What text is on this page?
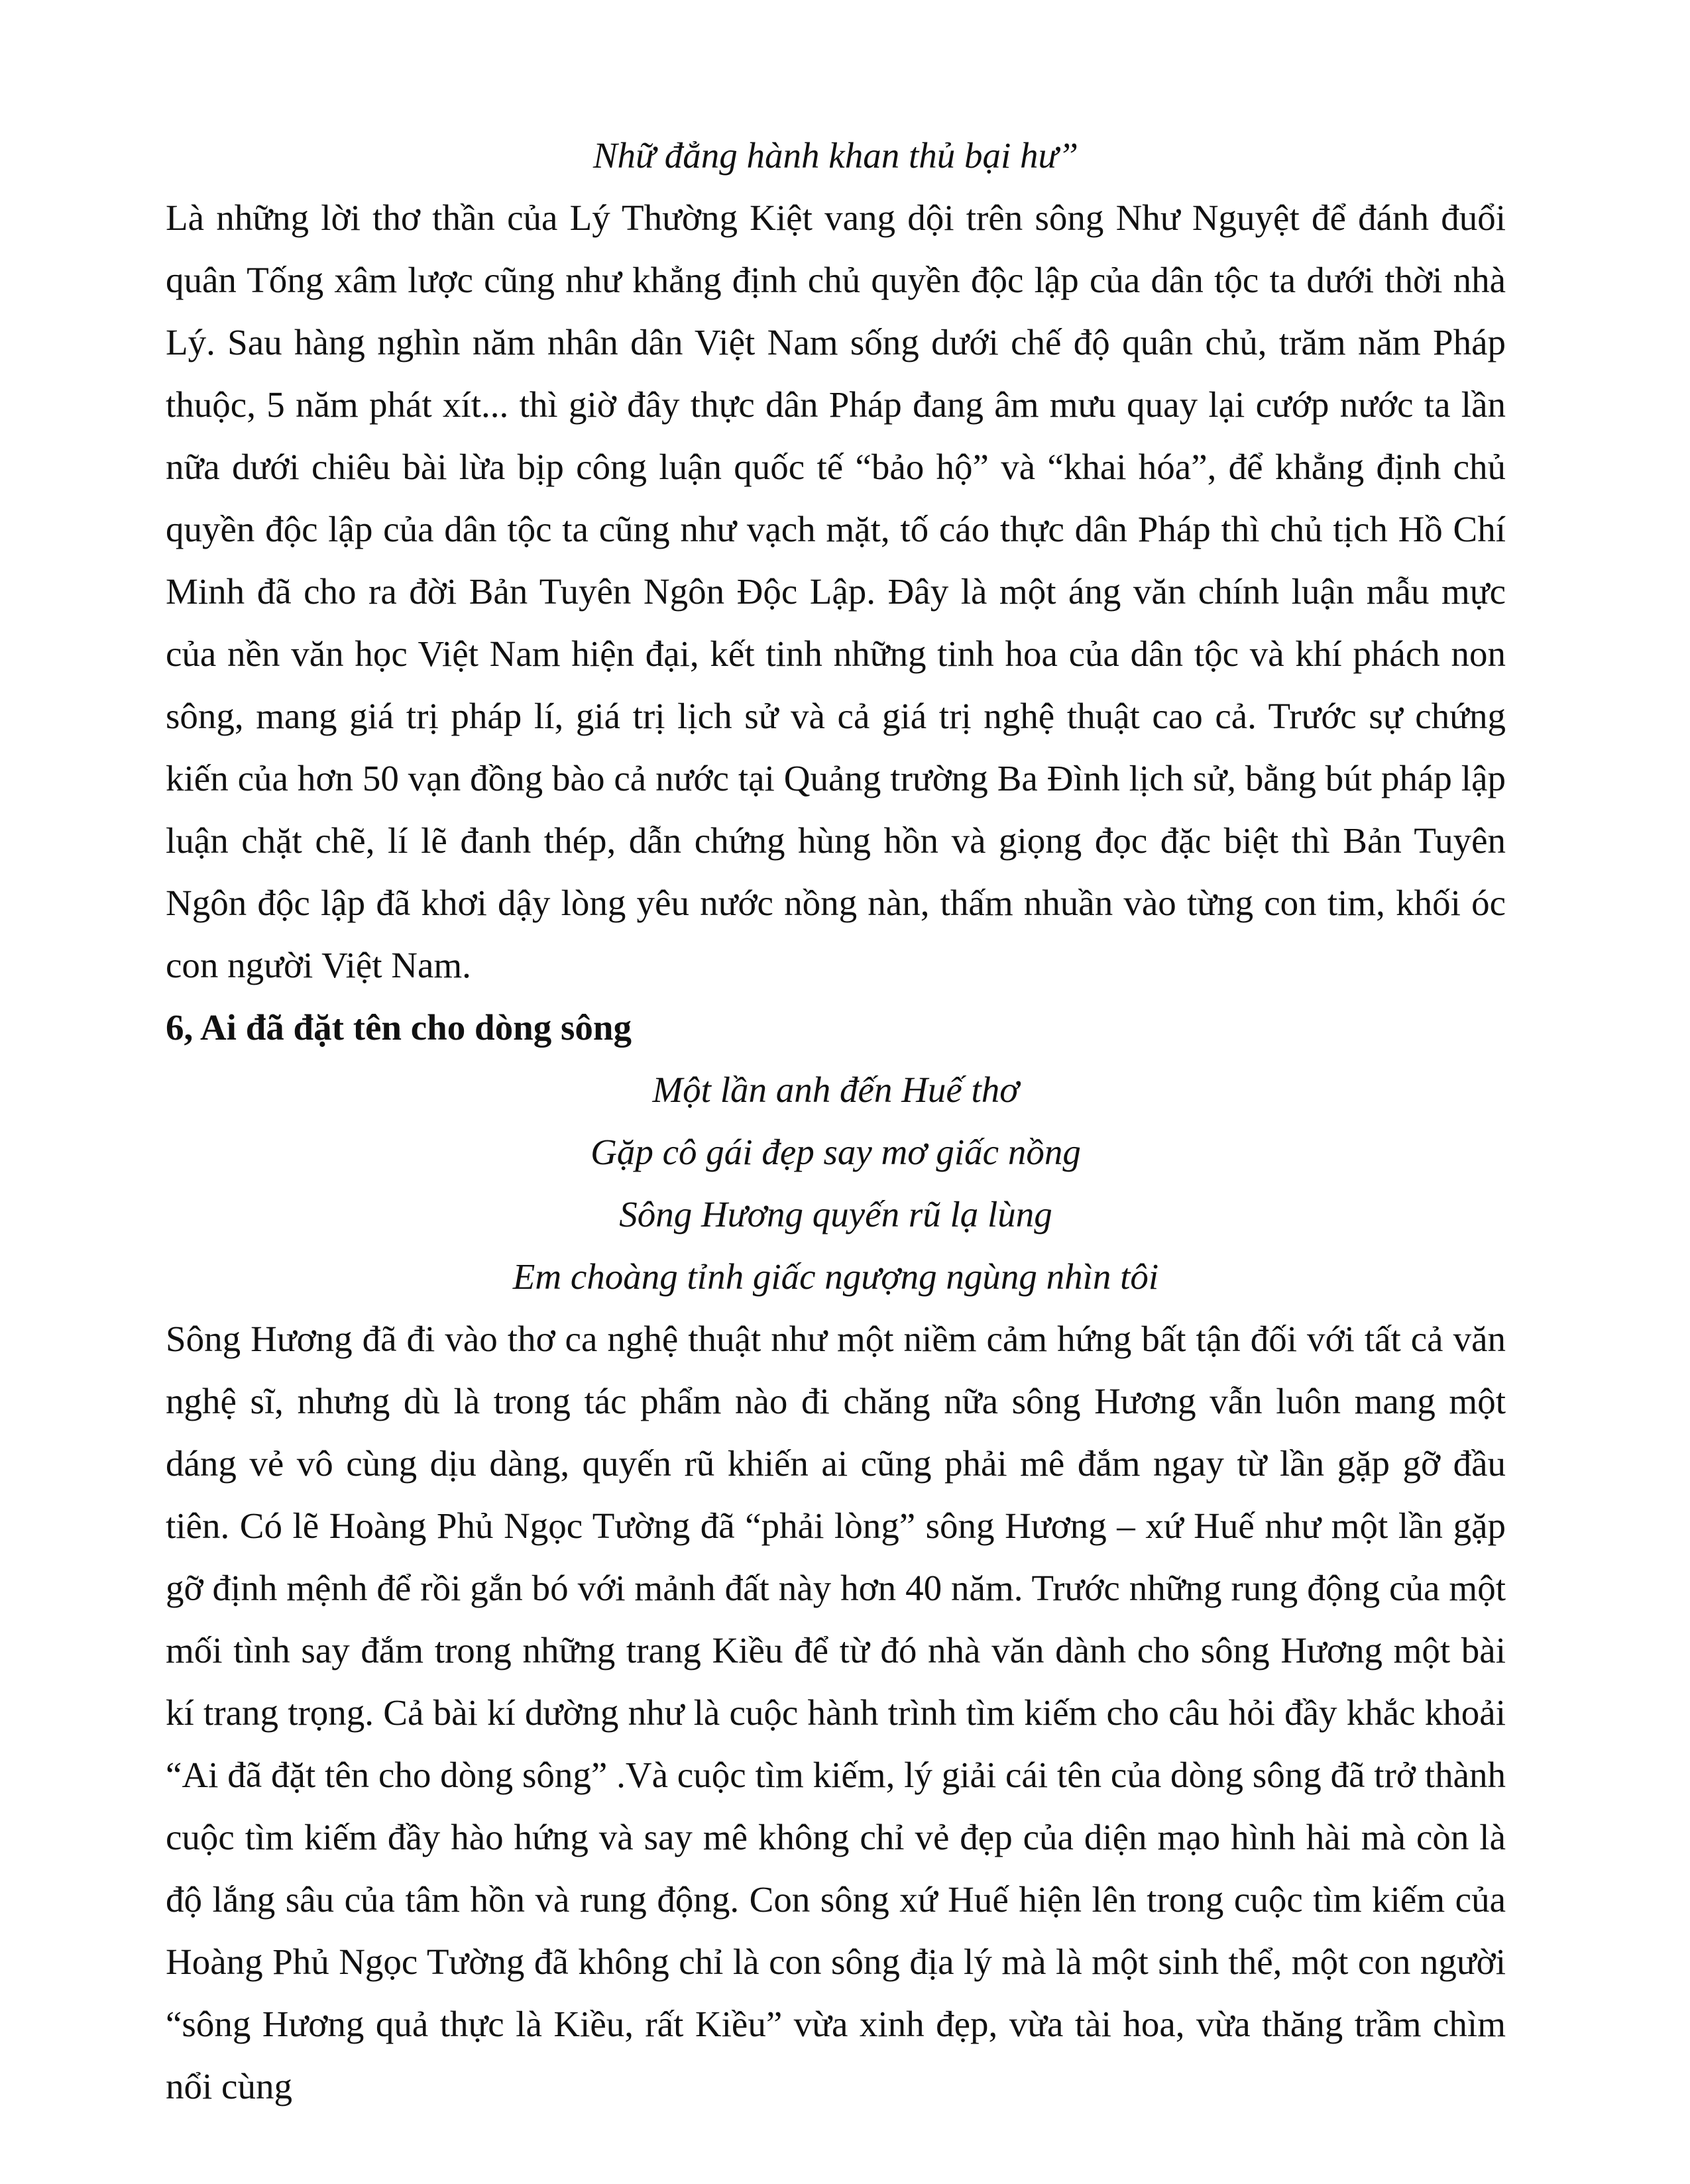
Nhữ đẳng hành khan thủ bại hư”

Là những lời thơ thần của Lý Thường Kiệt vang dội trên sông Như Nguyệt để đánh đuổi quân Tống xâm lược cũng như khẳng định chủ quyền độc lập của dân tộc ta dưới thời nhà Lý. Sau hàng nghìn năm nhân dân Việt Nam sống dưới chế độ quân chủ, trăm năm Pháp thuộc, 5 năm phát xít... thì giờ đây thực dân Pháp đang âm mưu quay lại cướp nước ta lần nữa dưới chiêu bài lừa bịp công luận quốc tế “bảo hộ” và “khai hóa”, để khẳng định chủ quyền độc lập của dân tộc ta cũng như vạch mặt, tố cáo thực dân Pháp thì chủ tịch Hồ Chí Minh đã cho ra đời Bản Tuyên Ngôn Độc Lập. Đây là một áng văn chính luận mẫu mực của nền văn học Việt Nam hiện đại, kết tinh những tinh hoa của dân tộc và khí phách non sông, mang giá trị pháp lí, giá trị lịch sử và cả giá trị nghệ thuật cao cả. Trước sự chứng kiến của hơn 50 vạn đồng bào cả nước tại Quảng trường Ba Đình lịch sử, bằng bút pháp lập luận chặt chẽ, lí lẽ đanh thép, dẫn chứng hùng hồn và giọng đọc đặc biệt thì Bản Tuyên Ngôn độc lập đã khơi dậy lòng yêu nước nồng nàn, thấm nhuần vào từng con tim, khối óc con người Việt Nam.

6, Ai đã đặt tên cho dòng sông

Một lần anh đến Huế thơ

Gặp cô gái đẹp say mơ giấc nồng

Sông Hương quyến rũ lạ lùng

Em choàng tỉnh giấc ngượng ngùng nhìn tôi

Sông Hương đã đi vào thơ ca nghệ thuật như một niềm cảm hứng bất tận đối với tất cả văn nghệ sĩ, nhưng dù là trong tác phẩm nào đi chăng nữa sông Hương vẫn luôn mang một dáng vẻ vô cùng dịu dàng, quyến rũ khiến ai cũng phải mê đắm ngay từ lần gặp gỡ đầu tiên. Có lẽ Hoàng Phủ Ngọc Tường đã “phải lòng” sông Hương – xứ Huế như một lần gặp gỡ định mệnh để rồi gắn bó với mảnh đất này hơn 40 năm. Trước những rung động của một mối tình say đắm trong những trang Kiều để từ đó nhà văn dành cho sông Hương một bài kí trang trọng. Cả bài kí dường như là cuộc hành trình tìm kiếm cho câu hỏi đầy khắc khoải “Ai đã đặt tên cho dòng sông” .Và cuộc tìm kiếm, lý giải cái tên của dòng sông đã trở thành cuộc tìm kiếm đầy hào hứng và say mê không chỉ vẻ đẹp của diện mạo hình hài mà còn là độ lắng sâu của tâm hồn và rung động. Con sông xứ Huế hiện lên trong cuộc tìm kiếm của Hoàng Phủ Ngọc Tường đã không chỉ là con sông địa lý mà là một sinh thể, một con người “sông Hương quả thực là Kiều, rất Kiều” vừa xinh đẹp, vừa tài hoa, vừa thăng trầm chìm nổi cùng
